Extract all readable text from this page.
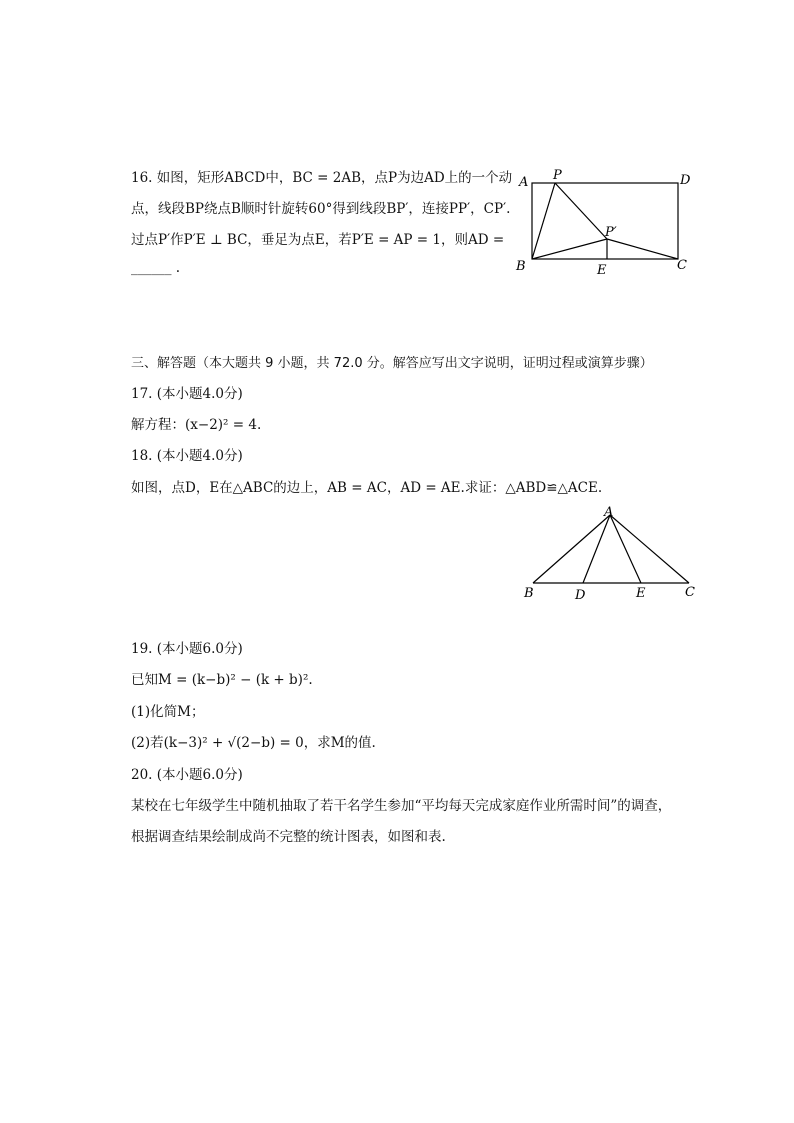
16. 如图，矩形ABCD中，BC = 2AB，点P为边AD上的一个动
点，线段BP绕点B顺时针旋转60°得到线段BP′，连接PP′，CP′.
过点P′作P′E ⊥ BC，垂足为点E，若P′E = AP = 1，则AD =
______ .
A P	D
P′
B	E	C
三、解答题（本大题共 9 小题，共 72.0 分。解答应写出文字说明，证明过程或演算步骤）
17. (本小题4.0分)
解方程：(x−2)² = 4.
18. (本小题4.0分)
如图，点D，E在△ABC的边上，AB = AC，AD = AE.求证：△ABD≌△ACE.
A
B	D	E	C
19. (本小题6.0分)
已知M = (k−b)² − (k + b)².
(1)化简M；
(2)若(k−3)² + √(2−b) = 0，求M的值.
20. (本小题6.0分)
某校在七年级学生中随机抽取了若干名学生参加“平均每天完成家庭作业所需时间”的调查，
根据调查结果绘制成尚不完整的统计图表，如图和表.
